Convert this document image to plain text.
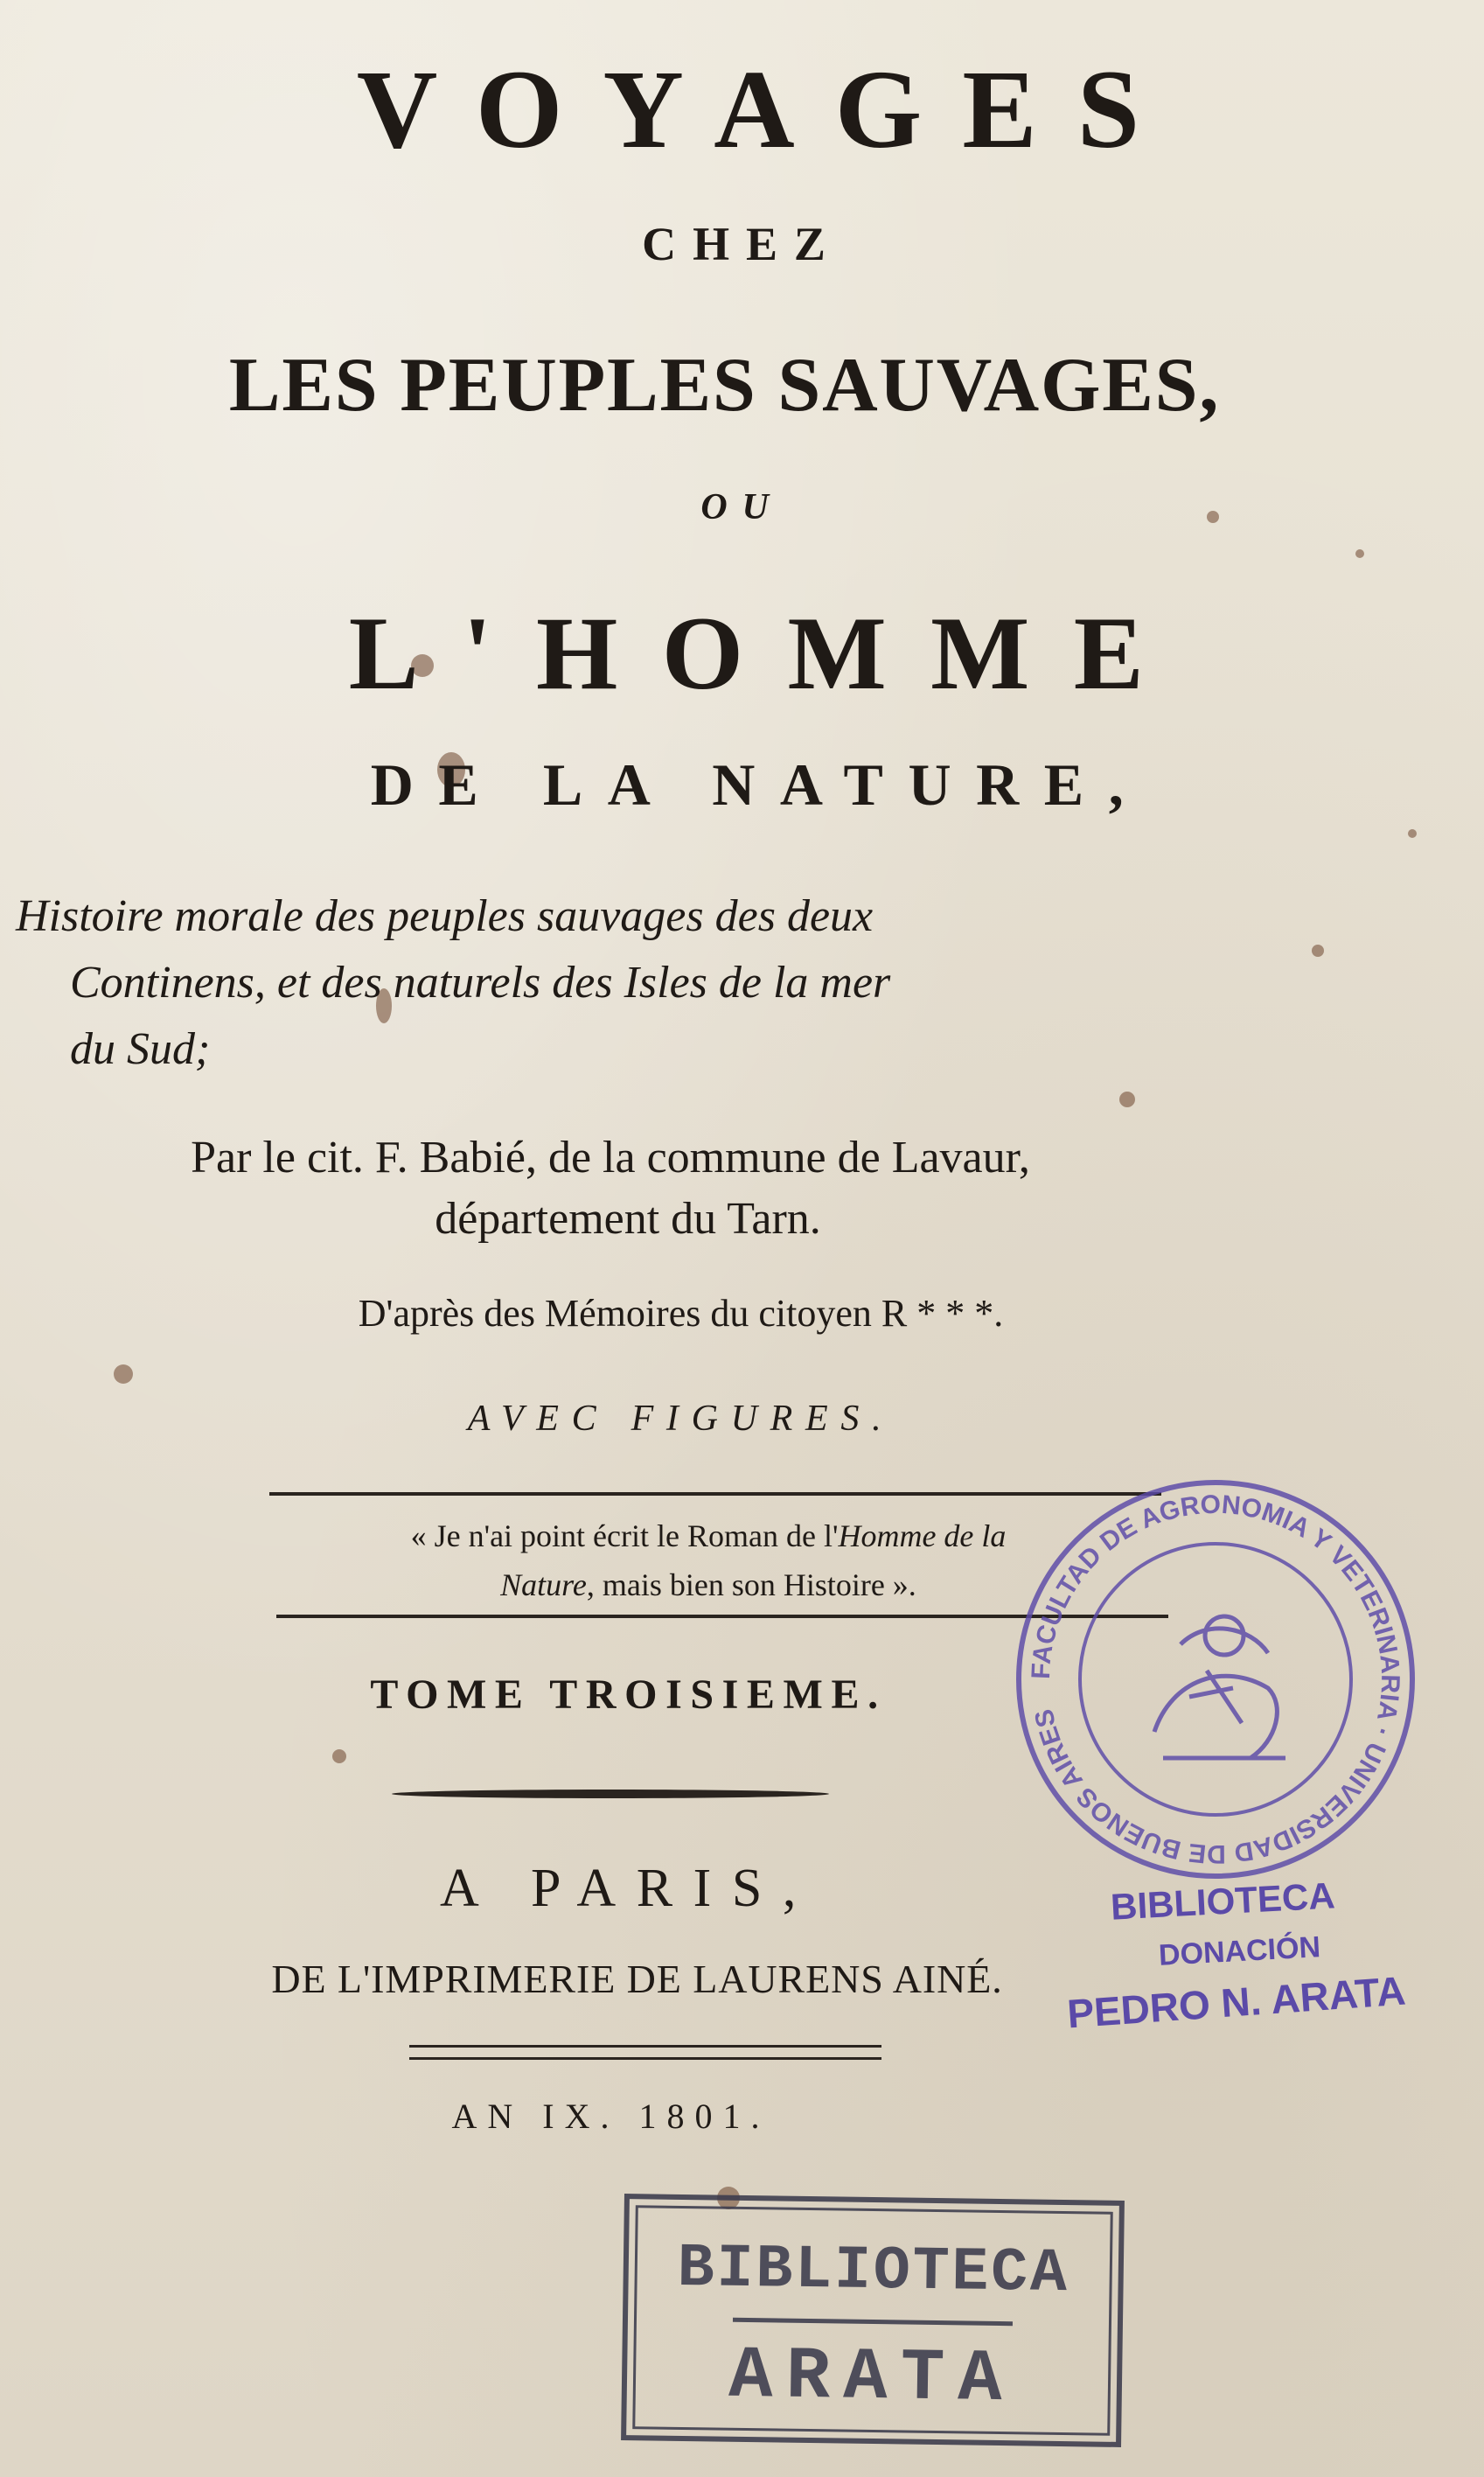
VOYAGES
CHEZ
LES PEUPLES SAUVAGES,
OU
L'HOMME
DE LA NATURE,
Histoire morale des peuples sauvages des deux
Continens, et des naturels des Isles de la mer
du Sud;
Par le cit. F. Babié, de la commune de Lavaur,
département du Tarn.
D'après des Mémoires du citoyen R * * *.
AVEC FIGURES.
« Je n'ai point écrit le Roman de l'Homme de la
Nature, mais bien son Histoire ».
TOME TROISIEME.
A PARIS,
DE L'IMPRIMERIE DE LAURENS AINÉ.
AN IX. 1801.
FACULTAD DE AGRONOMIA Y VETERINARIA · UNIVERSIDAD DE BUENOS AIRES
BIBLIOTECA
DONACIÓN
PEDRO N. ARATA
BIBLIOTECA
ARATA
